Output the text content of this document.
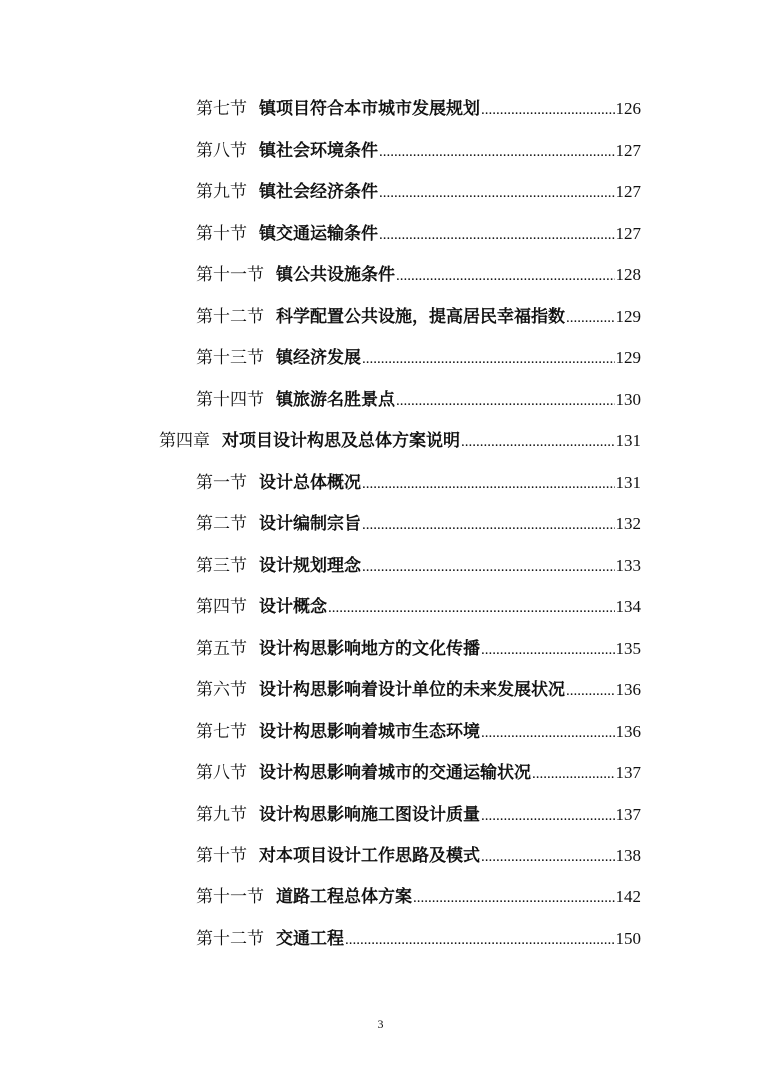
第七节 镇项目符合本市城市发展规划 .....	126
第八节 镇社会环境条件 .....	127
第九节 镇社会经济条件 .....	127
第十节 镇交通运输条件 .....	127
第十一节 镇公共设施条件 .....	128
第十二节 科学配置公共设施，提高居民幸福指数 .....	129
第十三节 镇经济发展 .....	129
第十四节 镇旅游名胜景点 .....	130
第四章 对项目设计构思及总体方案说明 .....	131
第一节 设计总体概况 .....	131
第二节 设计编制宗旨 .....	132
第三节 设计规划理念 .....	133
第四节 设计概念 .....	134
第五节 设计构思影响地方的文化传播 .....	135
第六节 设计构思影响着设计单位的未来发展状况 .....	136
第七节 设计构思影响着城市生态环境 .....	136
第八节 设计构思影响着城市的交通运输状况 .....	137
第九节 设计构思影响施工图设计质量 .....	137
第十节 对本项目设计工作思路及模式 .....	138
第十一节 道路工程总体方案 .....	142
第十二节 交通工程 .....	150
3
